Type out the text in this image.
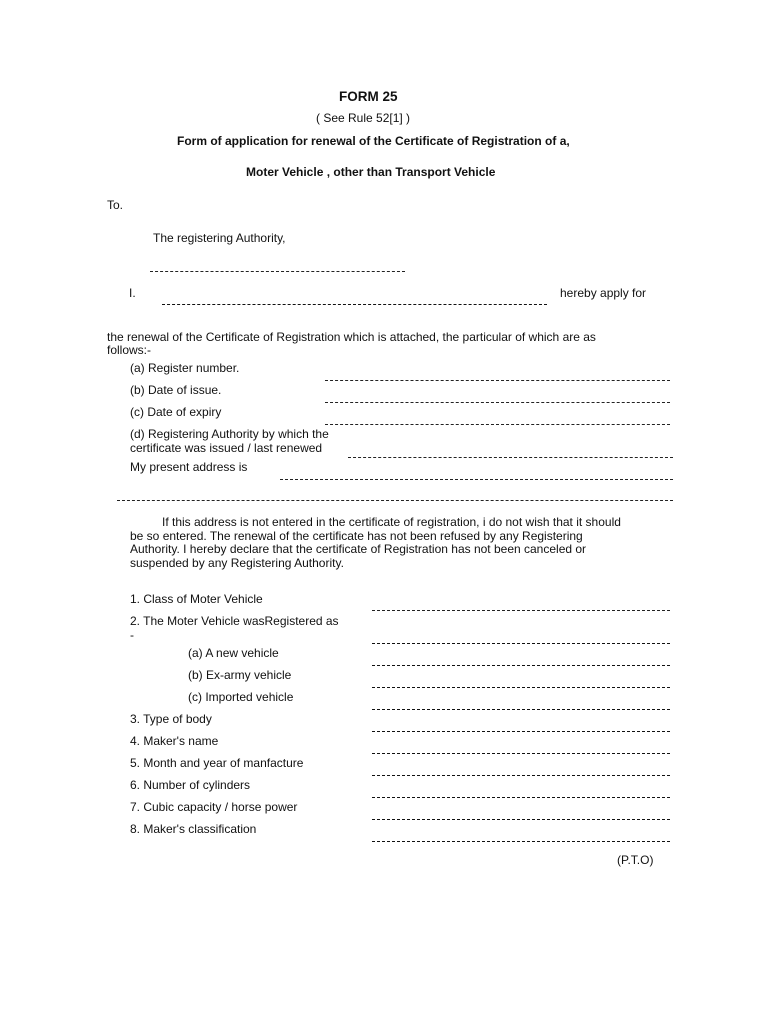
FORM 25
( See Rule 52[1] )
Form of application for renewal of the Certificate of Registration of a,
Moter Vehicle , other than Transport Vehicle
To.
The registering Authority,
I.	hereby apply for
the renewal of the Certificate of Registration which is attached, the particular of which are as
follows:-
(a) Register number.
(b) Date of issue.
(c) Date of expiry
(d) Registering Authority by which the
certificate was issued / last renewed
My present address is
If this address is not entered in the certificate of registration, i do not wish that it should
be so entered. The renewal of the certificate has not been refused by any Registering
Authority. I hereby declare that the certificate of Registration has not been canceled or
suspended by any Registering Authority.
1. Class of Moter Vehicle
2. The Moter Vehicle wasRegistered as
-
(a) A new vehicle
(b) Ex-army vehicle
(c) Imported vehicle
3. Type of body
4. Maker's name
5. Month and year of manfacture
6. Number of cylinders
7. Cubic capacity / horse power
8. Maker's classification
(P.T.O)
